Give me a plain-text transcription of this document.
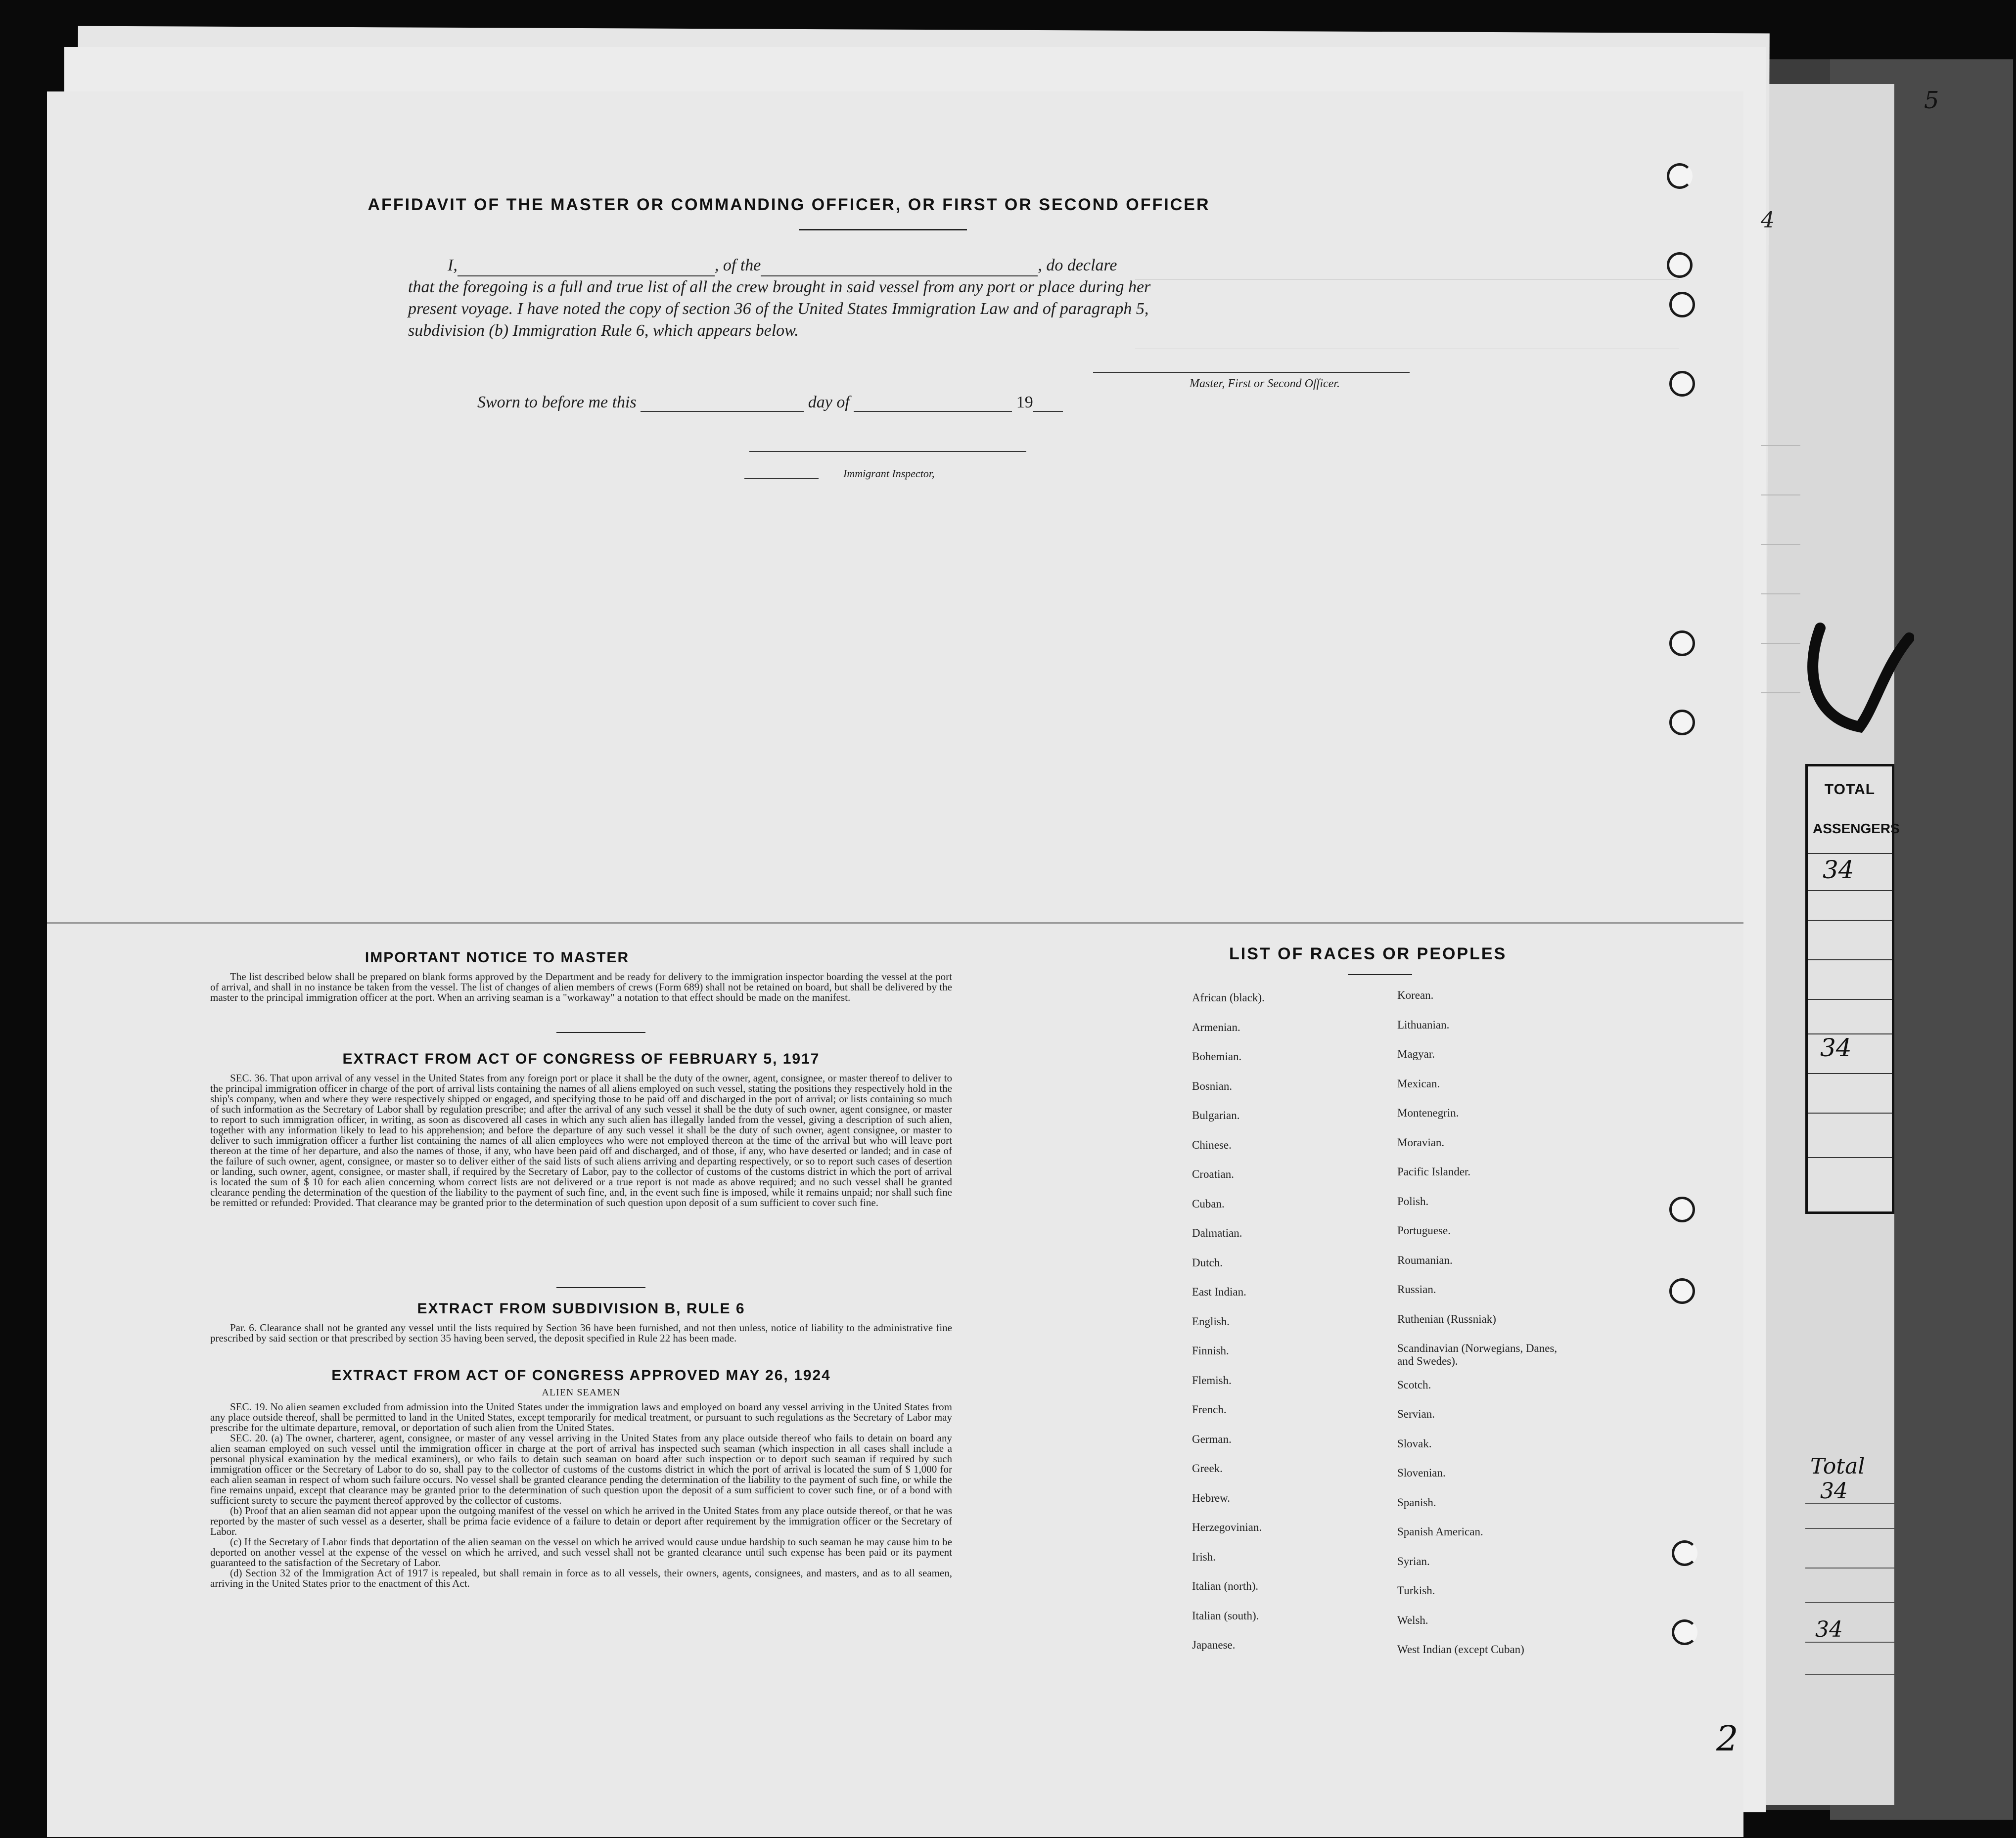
TOTAL
ASSENGERS
34
34
Total
34
34
5
4
AFFIDAVIT OF THE MASTER OR COMMANDING OFFICER, OR FIRST OR SECOND OFFICER
I,	, of the	, do declare
that the foregoing is a full and true list of all the crew brought in said vessel from any port or place during her
present voyage. I have noted the copy of section 36 of the United States Immigration Law and of paragraph 5,
subdivision (b) Immigration Rule 6, which appears below.
Master, First or Second Officer.
Sworn to before me this	day of	19
Immigrant Inspector,
IMPORTANT NOTICE TO MASTER

The list described below shall be prepared on blank forms approved by the Department and be ready for delivery to the immigration inspector boarding the vessel at the port of arrival, and shall in no instance be taken from the vessel. The list of changes of alien members of crews (Form 689) shall not be retained on board, but shall be delivered by the master to the principal immigration officer at the port. When an arriving seaman is a "workaway" a notation to that effect should be made on the manifest.

EXTRACT FROM ACT OF CONGRESS OF FEBRUARY 5, 1917

SEC. 36. That upon arrival of any vessel in the United States from any foreign port or place it shall be the duty of the owner, agent, consignee, or master thereof to deliver to the principal immigration officer in charge of the port of arrival lists containing the names of all aliens employed on such vessel, stating the positions they respectively hold in the ship's company, when and where they were respectively shipped or engaged, and specifying those to be paid off and discharged in the port of arrival; or lists containing so much of such information as the Secretary of Labor shall by regulation prescribe; and after the arrival of any such vessel it shall be the duty of such owner, agent consignee, or master to report to such immigration officer, in writing, as soon as discovered all cases in which any such alien has illegally landed from the vessel, giving a description of such alien, together with any information likely to lead to his apprehension; and before the departure of any such vessel it shall be the duty of such owner, agent consignee, or master to deliver to such immigration officer a further list containing the names of all alien employees who were not employed thereon at the time of the arrival but who will leave port thereon at the time of her departure, and also the names of those, if any, who have been paid off and discharged, and of those, if any, who have deserted or landed; and in case of the failure of such owner, agent, consignee, or master so to deliver either of the said lists of such aliens arriving and departing respectively, or so to report such cases of desertion or landing, such owner, agent, consignee, or master shall, if required by the Secretary of Labor, pay to the collector of customs of the customs district in which the port of arrival is located the sum of $ 10 for each alien concerning whom correct lists are not delivered or a true report is not made as above required; and no such vessel shall be granted clearance pending the determination of the question of the liability to the payment of such fine, and, in the event such fine is imposed, while it remains unpaid; nor shall such fine be remitted or refunded: Provided. That clearance may be granted prior to the determination of such question upon deposit of a sum sufficient to cover such fine.

EXTRACT FROM SUBDIVISION B, RULE 6

Par. 6. Clearance shall not be granted any vessel until the lists required by Section 36 have been furnished, and not then unless, notice of liability to the administrative fine prescribed by said section or that prescribed by section 35 having been served, the deposit specified in Rule 22 has been made.

EXTRACT FROM ACT OF CONGRESS APPROVED MAY 26, 1924
ALIEN SEAMEN

SEC. 19. No alien seamen excluded from admission into the United States under the immigration laws and employed on board any vessel arriving in the United States from any place outside thereof, shall be permitted to land in the United States, except temporarily for medical treatment, or pursuant to such regulations as the Secretary of Labor may prescribe for the ultimate departure, removal, or deportation of such alien from the United States.

SEC. 20. (a) The owner, charterer, agent, consignee, or master of any vessel arriving in the United States from any place outside thereof who fails to detain on board any alien seaman employed on such vessel until the immigration officer in charge at the port of arrival has inspected such seaman (which inspection in all cases shall include a personal physical examination by the medical examiners), or who fails to detain such seaman on board after such inspection or to deport such seaman if required by such immigration officer or the Secretary of Labor to do so, shall pay to the collector of customs of the customs district in which the port of arrival is located the sum of $ 1,000 for each alien seaman in respect of whom such failure occurs. No vessel shall be granted clearance pending the determination of the liability to the payment of such fine, or while the fine remains unpaid, except that clearance may be granted prior to the determination of such question upon the deposit of a sum sufficient to cover such fine, or of a bond with sufficient surety to secure the payment thereof approved by the collector of customs.

(b) Proof that an alien seaman did not appear upon the outgoing manifest of the vessel on which he arrived in the United States from any place outside thereof, or that he was reported by the master of such vessel as a deserter, shall be prima facie evidence of a failure to detain or deport after requirement by the immigration officer or the Secretary of Labor.

(c) If the Secretary of Labor finds that deportation of the alien seaman on the vessel on which he arrived would cause undue hardship to such seaman he may cause him to be deported on another vessel at the expense of the vessel on which he arrived, and such vessel shall not be granted clearance until such expense has been paid or its payment guaranteed to the satisfaction of the Secretary of Labor.

(d) Section 32 of the Immigration Act of 1917 is repealed, but shall remain in force as to all vessels, their owners, agents, consignees, and masters, and as to all seamen, arriving in the United States prior to the enactment of this Act.

LIST OF RACES OR PEOPLES
African (black).
Armenian.
Bohemian.
Bosnian.
Bulgarian.
Chinese.
Croatian.
Cuban.
Dalmatian.
Dutch.
East Indian.
English.
Finnish.
Flemish.
French.
German.
Greek.
Hebrew.
Herzegovinian.
Irish.
Italian (north).
Italian (south).
Japanese.
Korean.
Lithuanian.
Magyar.
Mexican.
Montenegrin.
Moravian.
Pacific Islander.
Polish.
Portuguese.
Roumanian.
Russian.
Ruthenian (Russniak)
Scandinavian (Norwegians, Danes, and Swedes).
Scotch.
Servian.
Slovak.
Slovenian.
Spanish.
Spanish American.
Syrian.
Turkish.
Welsh.
West Indian (except Cuban)
2
